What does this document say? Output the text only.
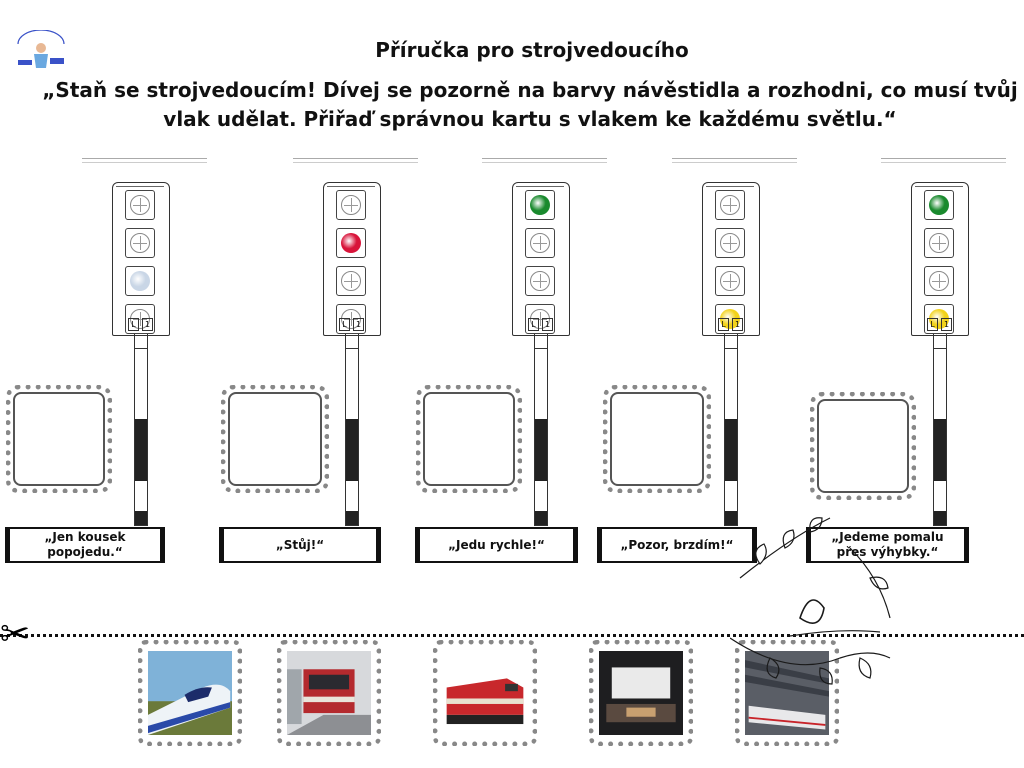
Příručka pro strojvedoucího
„Staň se strojvedoucím! Dívej se pozorně na barvy návěstidla a rozhodni, co musí tvůj vlak udělat. Přiřaď správnou kartu s vlakem ke každému světlu.“
L	1	L	1	L	1	L	1	L	1
„Jen kousek popojedu.“
„Stůj!“	„Jedu rychle!“	„Pozor, brzdím!“
„Jedeme pomalu přes výhybky.“
✂
